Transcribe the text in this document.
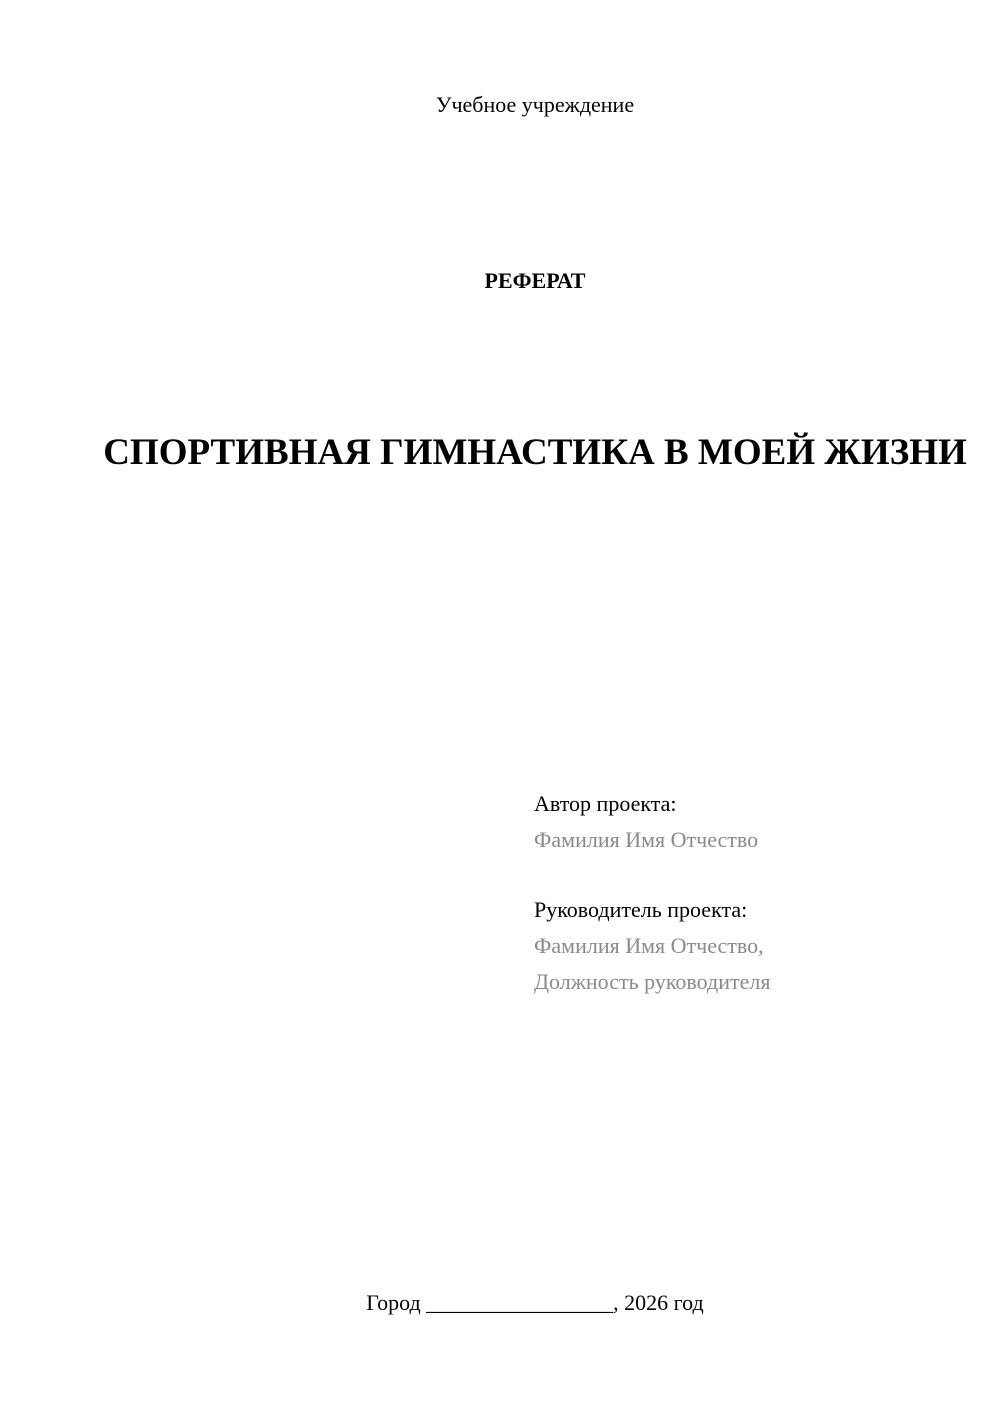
Учебное учреждение
РЕФЕРАТ
СПОРТИВНАЯ ГИМНАСТИКА В МОЕЙ ЖИЗНИ
Автор проекта:
Фамилия Имя Отчество
Руководитель проекта:
Фамилия Имя Отчество,
Должность руководителя
Город _________________, 2026 год
